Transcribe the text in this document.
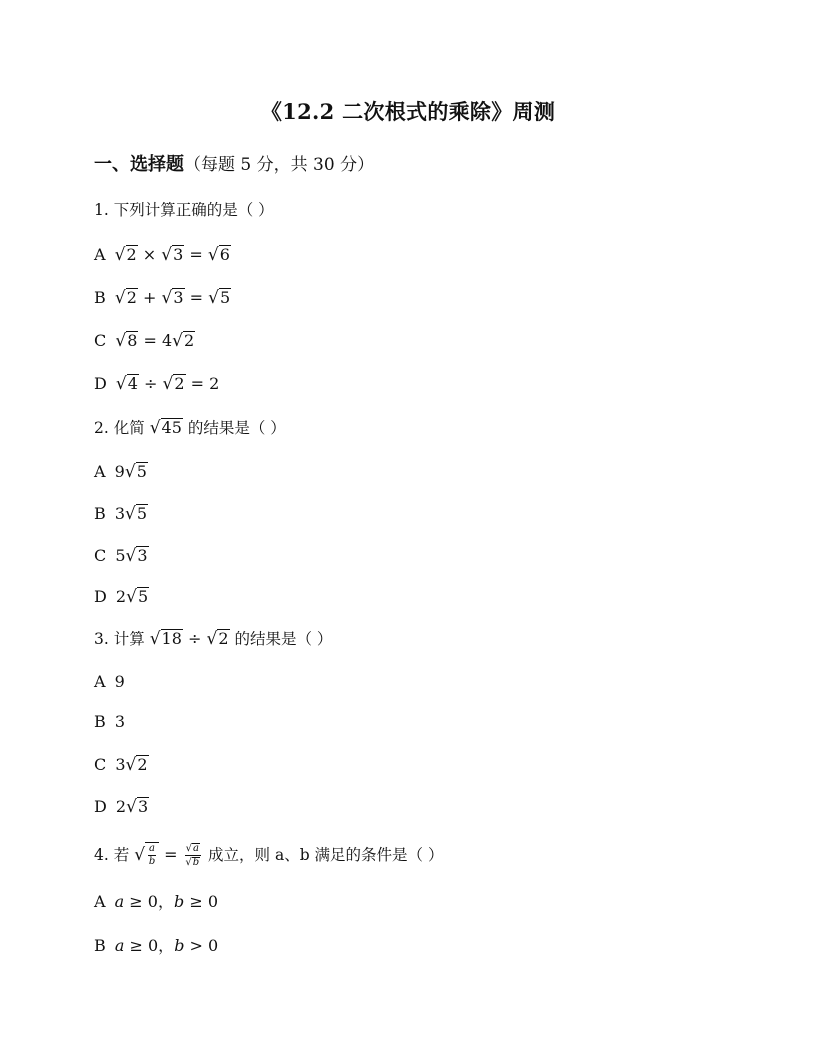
《12.2 二次根式的乘除》周测
一、选择题（每题 5 分，共 30 分）
1. 下列计算正确的是（ ）
A √2 × √3 = √6
B √2 + √3 = √5
C √8 = 4√2
D √4 ÷ √2 = 2
2. 化简 √45 的结果是（ ）
A 9√5
B 3√5
C 5√3
D 2√5
3. 计算 √18 ÷ √2 的结果是（ ）
A 9
B 3
C 3√2
D 2√3
4. 若 √ $\frac{a}{b} = \frac{√a}{√b}$ 成立，则 a、b 满足的条件是（ ）
A a ≥ 0，b ≥ 0
B a ≥ 0，b > 0
